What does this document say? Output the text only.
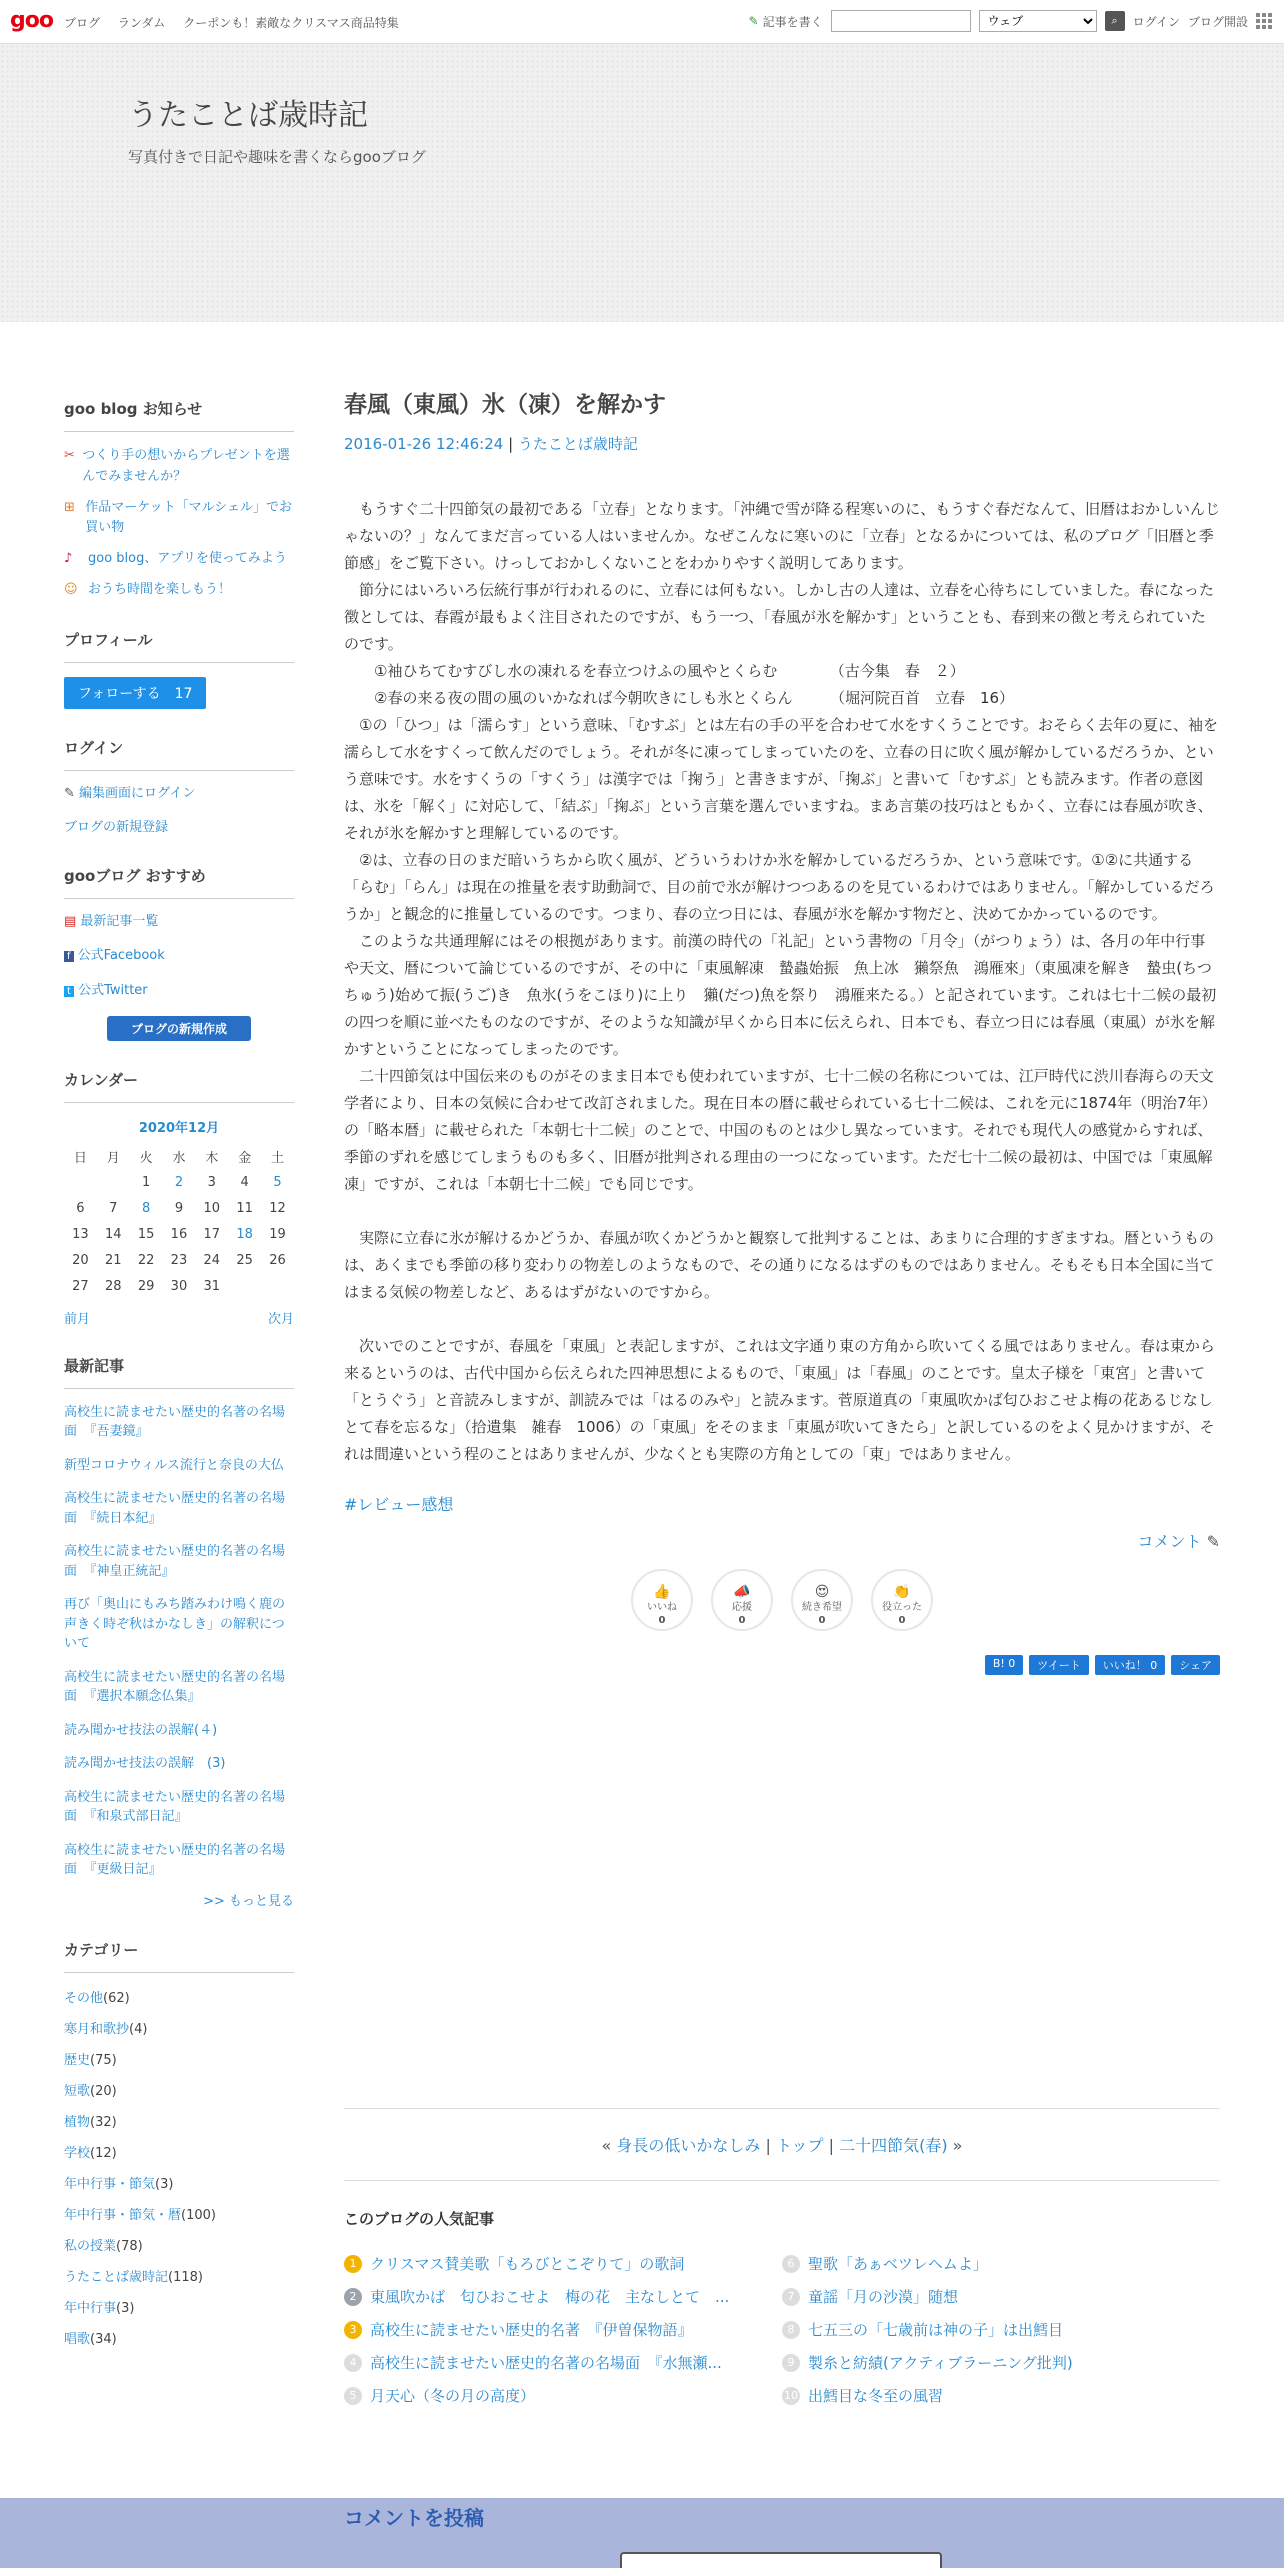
goo ブログ ランダム クーポンも！素敵なクリスマス商品特集	✎ 記事を書く
ウェブ	⌕	ログイン ブログ開設
うたことば歳時記

写真付きで日記や趣味を書くならgooブログ

goo blog お知らせ
✂ つくり手の想いからプレゼントを選んでみませんか？
⊞ 作品マーケット「マルシェル」でお買い物
♪	goo blog、アプリを使ってみよう
☺ おうち時間を楽しもう！
プロフィール
フォローする　17
ログイン
✎ 編集画面にログイン
ブログの新規登録
gooブログ おすすめ
▤ 最新記事一覧
f 公式Facebook
t 公式Twitter
ブログの新規作成
カレンダー
2020年12月
日	月	火	水	木	金	土
		1	2	3	4	5
6	7	8	9	10	11	12
13	14	15	16	17	18	19
20	21	22	23	24	25	26
27	28	29	30	31		
前月	次月
最新記事
高校生に読ませたい歴史的名著の名場面　『吾妻鏡』
新型コロナウィルス流行と奈良の大仏
高校生に読ませたい歴史的名著の名場面　『続日本紀』
高校生に読ませたい歴史的名著の名場面　『神皇正統記』
再び「奥山にもみち踏みわけ鳴く鹿の声きく時ぞ秋はかなしき」の解釈について
高校生に読ませたい歴史的名著の名場面　『選択本願念仏集』
読み聞かせ技法の誤解(４)
読み聞かせ技法の誤解　(3)
高校生に読ませたい歴史的名著の名場面　『和泉式部日記』
高校生に読ませたい歴史的名著の名場面　『更級日記』
>> もっと見る
カテゴリー
その他(62)
寒月和歌抄(4)
歴史(75)
短歌(20)
植物(32)
学校(12)
年中行事・節気(3)
年中行事・節気・暦(100)
私の授業(78)
うたことば歳時記(118)
年中行事(3)
唱歌(34)
春風（東風）氷（凍）を解かす
2016-01-26 12:46:24 | うたことば歳時記

もうすぐ二十四節気の最初である「立春」となります。「沖縄で雪が降る程寒いのに、もうすぐ春だなんて、旧暦はおかしいんじゃないの？」なんてまだ言っている人はいませんか。なぜこんなに寒いのに「立春」となるかについては、私のブログ「旧暦と季節感」をご覧下さい。けっしておかしくないことをわかりやすく説明してあります。

節分にはいろいろ伝統行事が行われるのに、立春には何もない。しかし古の人達は、立春を心待ちにしていました。春になった徴としては、春霞が最もよく注目されたのですが、もう一つ、「春風が氷を解かす」ということも、春到来の徴と考えられていたのです。

①袖ひちてむすびし水の凍れるを春立つけふの風やとくらむ　　　　（古今集　春　２）

②春の来る夜の間の風のいかなれば今朝吹きにしも氷とくらん　　　（堀河院百首　立春　16）

①の「ひつ」は「濡らす」という意味、「むすぶ」とは左右の手の平を合わせて水をすくうことです。おそらく去年の夏に、袖を濡らして水をすくって飲んだのでしょう。それが冬に凍ってしまっていたのを、立春の日に吹く風が解かしているだろうか、という意味です。水をすくうの「すくう」は漢字では「掬う」と書きますが、「掬ぶ」と書いて「むすぶ」とも読みます。作者の意図は、氷を「解く」に対応して、「結ぶ」「掬ぶ」という言葉を選んでいますね。まあ言葉の技巧はともかく、立春には春風が吹き、それが氷を解かすと理解しているのです。

②は、立春の日のまだ暗いうちから吹く風が、どういうわけか氷を解かしているだろうか、という意味です。①②に共通する「らむ」「らん」は現在の推量を表す助動詞で、目の前で氷が解けつつあるのを見ているわけではありません。「解かしているだろうか」と観念的に推量しているのです。つまり、春の立つ日には、春風が氷を解かす物だと、決めてかかっているのです。

このような共通理解にはその根拠があります。前漢の時代の「礼記」という書物の「月令」（がつりょう）は、各月の年中行事や天文、暦について論じているのですが、その中に「東風解凍　蟄蟲始振　魚上冰　獺祭魚　鴻雁來」（東風凍を解き　蟄虫(ちつちゅう)始めて振(うご)き　魚氷(うをこほり)に上り　獺(だつ)魚を祭り　鴻雁来たる。）と記されています。これは七十二候の最初の四つを順に並べたものなのですが、そのような知識が早くから日本に伝えられ、日本でも、春立つ日には春風（東風）が氷を解かすということになってしまったのです。

二十四節気は中国伝来のものがそのまま日本でも使われていますが、七十二候の名称については、江戸時代に渋川春海らの天文学者により、日本の気候に合わせて改訂されました。現在日本の暦に載せられている七十二候は、これを元に1874年（明治7年）の「略本暦」に載せられた「本朝七十二候」のことで、中国のものとは少し異なっています。それでも現代人の感覚からすれば、季節のずれを感じてしまうものも多く、旧暦が批判される理由の一つになっています。ただ七十二候の最初は、中国では「東風解凍」ですが、これは「本朝七十二候」でも同じです。

実際に立春に氷が解けるかどうか、春風が吹くかどうかと観察して批判することは、あまりに合理的すぎますね。暦というものは、あくまでも季節の移り変わりの物差しのようなもので、その通りになるはずのものではありません。そもそも日本全国に当てはまる気候の物差しなど、あるはずがないのですから。

次いでのことですが、春風を「東風」と表記しますが、これは文字通り東の方角から吹いてくる風ではありません。春は東から来るというのは、古代中国から伝えられた四神思想によるもので、「東風」は「春風」のことです。皇太子様を「東宮」と書いて「とうぐう」と音読みしますが、訓読みでは「はるのみや」と読みます。菅原道真の「東風吹かば匂ひおこせよ梅の花あるじなしとて春を忘るな」（拾遺集　雑春　1006）の「東風」をそのまま「東風が吹いてきたら」と訳しているのをよく見かけますが、それは間違いという程のことはありませんが、少なくとも実際の方角としての「東」ではありません。

#レビュー感想
コメント ✎
👍
いいね
0
📣
応援
0
😍
続き希望
0
👏
役立った
0
B! 0	ツイート	いいね！ 0	シェア
« 身長の低いかなしみ | トップ | 二十四節気(春) »
このブログの人気記事
1 クリスマス賛美歌「もろびとこぞりて」の歌詞
2 東風吹かば　匂ひおこせよ　梅の花　主なしとて　...
3 高校生に読ませたい歴史的名著　『伊曽保物語』
4 高校生に読ませたい歴史的名著の名場面　『水無瀬...
5 月天心（冬の月の高度）
6 聖歌「あぁベツレヘムよ」
7 童謡「月の沙漠」随想
8 七五三の「七歳前は神の子」は出鱈目
9 製糸と紡績(アクティブラーニング批判)
10 出鱈目な冬至の風習
コメントを投稿
